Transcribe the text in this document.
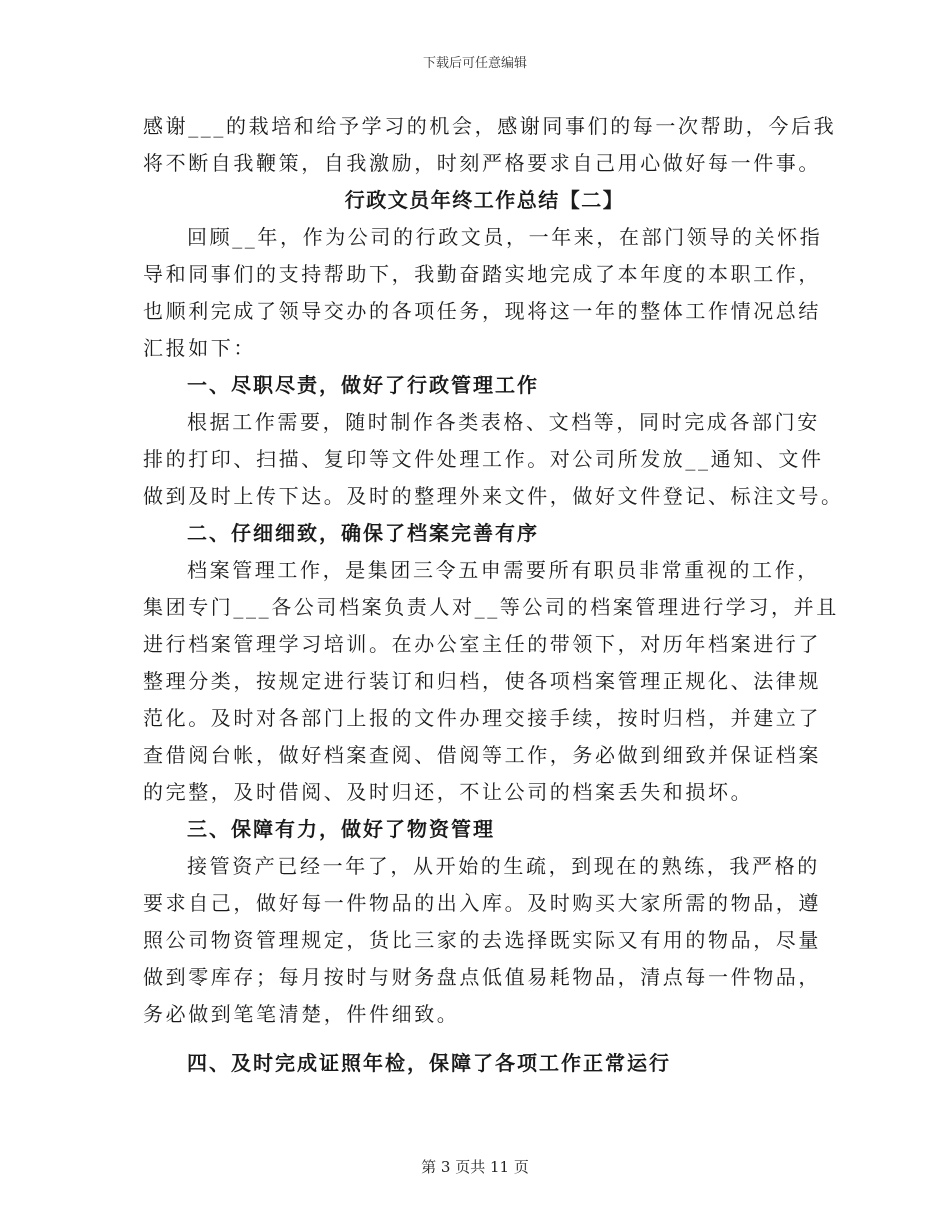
下载后可任意编辑
感谢___的栽培和给予学习的机会，感谢同事们的每一次帮助，今后我
将不断自我鞭策，自我激励，时刻严格要求自己用心做好每一件事。
行政文员年终工作总结【二】
回顾__年，作为公司的行政文员，一年来，在部门领导的关怀指
导和同事们的支持帮助下，我勤奋踏实地完成了本年度的本职工作，
也顺利完成了领导交办的各项任务，现将这一年的整体工作情况总结
汇报如下：
一、尽职尽责，做好了行政管理工作
根据工作需要，随时制作各类表格、文档等，同时完成各部门安
排的打印、扫描、复印等文件处理工作。对公司所发放__通知、文件
做到及时上传下达。及时的整理外来文件，做好文件登记、标注文号。
二、仔细细致，确保了档案完善有序
档案管理工作，是集团三令五申需要所有职员非常重视的工作，
集团专门___各公司档案负责人对__等公司的档案管理进行学习，并且
进行档案管理学习培训。在办公室主任的带领下，对历年档案进行了
整理分类，按规定进行装订和归档，使各项档案管理正规化、法律规
范化。及时对各部门上报的文件办理交接手续，按时归档，并建立了
查借阅台帐，做好档案查阅、借阅等工作，务必做到细致并保证档案
的完整，及时借阅、及时归还，不让公司的档案丢失和损坏。
三、保障有力，做好了物资管理
接管资产已经一年了，从开始的生疏，到现在的熟练，我严格的
要求自己，做好每一件物品的出入库。及时购买大家所需的物品，遵
照公司物资管理规定，货比三家的去选择既实际又有用的物品，尽量
做到零库存；每月按时与财务盘点低值易耗物品，清点每一件物品，
务必做到笔笔清楚，件件细致。
四、及时完成证照年检，保障了各项工作正常运行
第 3 页共 11 页
